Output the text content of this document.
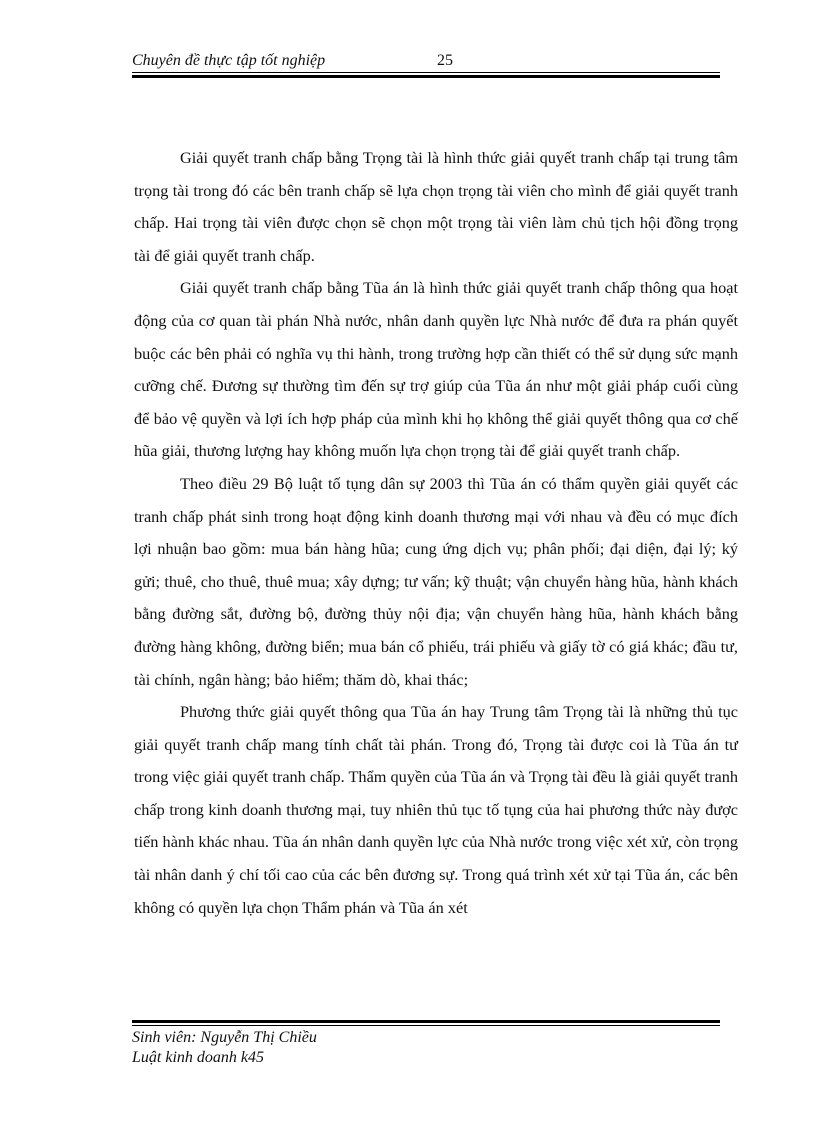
Chuyên đề thực tập tốt nghiệp	25

Giải quyết tranh chấp bằng Trọng tài là hình thức giải quyết tranh chấp tại trung tâm trọng tài trong đó các bên tranh chấp sẽ lựa chọn trọng tài viên cho mình để giải quyết tranh chấp. Hai trọng tài viên được chọn sẽ chọn một trọng tài viên làm chủ tịch hội đồng trọng tài để giải quyết tranh chấp.

Giải quyết tranh chấp bằng Tũa án là hình thức giải quyết tranh chấp thông qua hoạt động của cơ quan tài phán Nhà nước, nhân danh quyền lực Nhà nước để đưa ra phán quyết buộc các bên phải có nghĩa vụ thi hành, trong trường hợp cần thiết có thể sử dụng sức mạnh cưỡng chế. Đương sự thường tìm đến sự trợ giúp của Tũa án như một giải pháp cuối cùng để bảo vệ quyền và lợi ích hợp pháp của mình khi họ không thể giải quyết thông qua cơ chế hũa giải, thương lượng hay không muốn lựa chọn trọng tài để giải quyết tranh chấp.

Theo điều 29 Bộ luật tố tụng dân sự 2003 thì Tũa án có thẩm quyền giải quyết các tranh chấp phát sinh trong hoạt động kinh doanh thương mại với nhau và đều có mục đích lợi nhuận bao gồm: mua bán hàng hũa; cung ứng dịch vụ; phân phối; đại diện, đại lý; ký gửi; thuê, cho thuê, thuê mua; xây dựng; tư vấn; kỹ thuật; vận chuyển hàng hũa, hành khách bằng đường sắt, đường bộ, đường thủy nội địa; vận chuyển hàng hũa, hành khách bằng đường hàng không, đường biển; mua bán cổ phiếu, trái phiếu và giấy tờ có giá khác; đầu tư, tài chính, ngân hàng; bảo hiểm; thăm dò, khai thác;

Phương thức giải quyết thông qua Tũa án hay Trung tâm Trọng tài là những thủ tục giải quyết tranh chấp mang tính chất tài phán. Trong đó, Trọng tài được coi là Tũa án tư trong việc giải quyết tranh chấp. Thẩm quyền của Tũa án và Trọng tài đều là giải quyết tranh chấp trong kinh doanh thương mại, tuy nhiên thủ tục tố tụng của hai phương thức này được tiến hành khác nhau. Tũa án nhân danh quyền lực của Nhà nước trong việc xét xử, còn trọng tài nhân danh ý chí tối cao của các bên đương sự. Trong quá trình xét xử tại Tũa án, các bên không có quyền lựa chọn Thẩm phán và Tũa án xét

Sinh viên: Nguyễn Thị Chiều

Luật kinh doanh k45
